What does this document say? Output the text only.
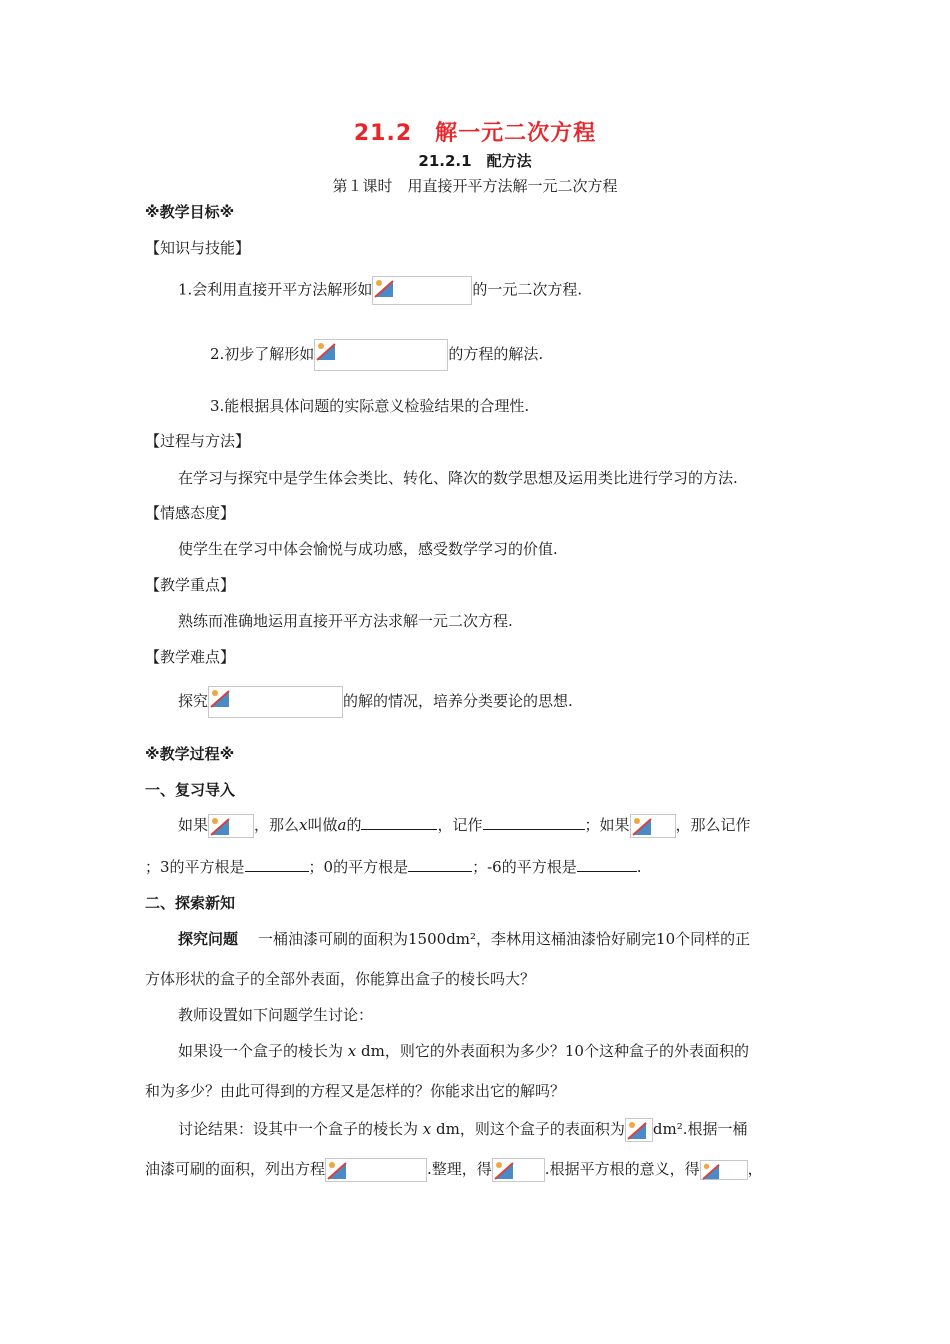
21.2　解一元二次方程
21.2.1　配方法
第１课时　用直接开平方法解一元二次方程
※教学目标※
【知识与技能】
1.会利用直接开平方法解形如	的一元二次方程.
2.初步了解形如	的方程的解法.
3.能根据具体问题的实际意义检验结果的合理性.
【过程与方法】
在学习与探究中是学生体会类比、转化、降次的数学思想及运用类比进行学习的方法.
【情感态度】
使学生在学习中体会愉悦与成功感，感受数学学习的价值.
【教学重点】
熟练而准确地运用直接开平方法求解一元二次方程.
【教学难点】
探究	的解的情况，培养分类要论的思想.
※教学过程※
一、复习导入
如果	，那么x叫做a的	，记作	；如果	，那么记作
；3的平方根是	；0的平方根是	；-6的平方根是	.
二、探索新知
探究问题 一桶油漆可刷的面积为1500dm²，李林用这桶油漆恰好刷完10个同样的正
方体形状的盒子的全部外表面，你能算出盒子的棱长吗大？
教师设置如下问题学生讨论：
如果设一个盒子的棱长为 x dm，则它的外表面积为多少？10个这种盒子的外表面积的
和为多少？由此可得到的方程又是怎样的？你能求出它的解吗？
讨论结果：设其中一个盒子的棱长为 x dm，则这个盒子的表面积为 dm².根据一桶
油漆可刷的面积，列出方程	.整理，得	.根据平方根的意义，得	，
